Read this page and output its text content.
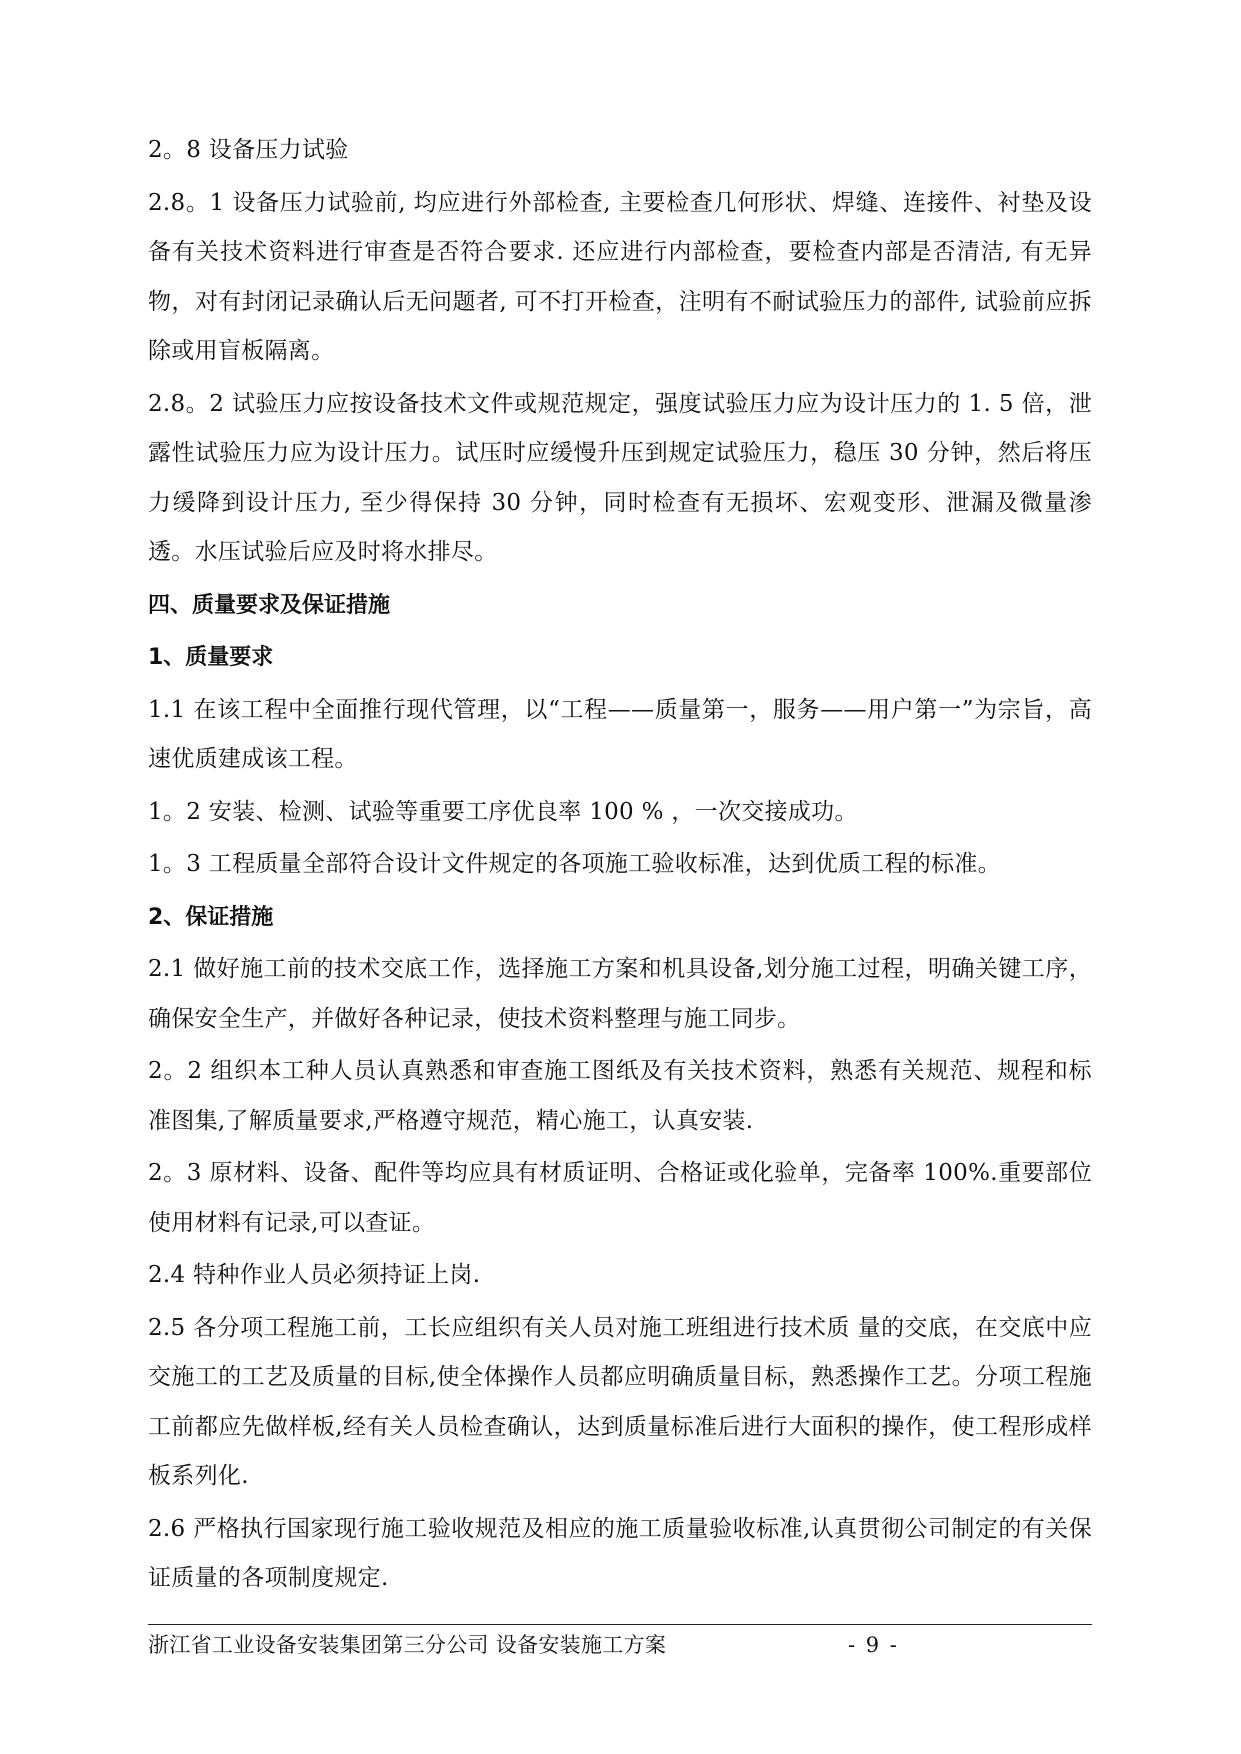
2。8 设备压力试验
2.8。1 设备压力试验前, 均应进行外部检查, 主要检查几何形状、焊缝、连接件、衬垫及设备有关技术资料进行审查是否符合要求. 还应进行内部检查，要检查内部是否清洁, 有无异物，对有封闭记录确认后无问题者, 可不打开检查，注明有不耐试验压力的部件, 试验前应拆除或用盲板隔离。
2.8。2 试验压力应按设备技术文件或规范规定，强度试验压力应为设计压力的 1. 5 倍，泄露性试验压力应为设计压力。试压时应缓慢升压到规定试验压力，稳压 30 分钟，然后将压力缓降到设计压力, 至少得保持 30 分钟，同时检查有无损坏、宏观变形、泄漏及微量渗透。水压试验后应及时将水排尽。
四、质量要求及保证措施
1、质量要求
1.1 在该工程中全面推行现代管理，以“工程——质量第一，服务——用户第一”为宗旨，高速优质建成该工程。
1。2 安装、检测、试验等重要工序优良率 100 % ，一次交接成功。
1。3 工程质量全部符合设计文件规定的各项施工验收标准，达到优质工程的标准。
2、保证措施
2.1 做好施工前的技术交底工作，选择施工方案和机具设备,划分施工过程，明确关键工序，确保安全生产，并做好各种记录，使技术资料整理与施工同步。
2。2 组织本工种人员认真熟悉和审查施工图纸及有关技术资料，熟悉有关规范、规程和标准图集,了解质量要求,严格遵守规范，精心施工，认真安装.
2。3 原材料、设备、配件等均应具有材质证明、合格证或化验单，完备率 100%.重要部位使用材料有记录,可以查证。
2.4 特种作业人员必须持证上岗.
2.5 各分项工程施工前，工长应组织有关人员对施工班组进行技术质 量的交底，在交底中应交施工的工艺及质量的目标,使全体操作人员都应明确质量目标，熟悉操作工艺。分项工程施工前都应先做样板,经有关人员检查确认，达到质量标准后进行大面积的操作，使工程形成样板系列化.
2.6 严格执行国家现行施工验收规范及相应的施工质量验收标准,认真贯彻公司制定的有关保证质量的各项制度规定.
浙江省工业设备安装集团第三分公司 设备安装施工方案	- 9 -
